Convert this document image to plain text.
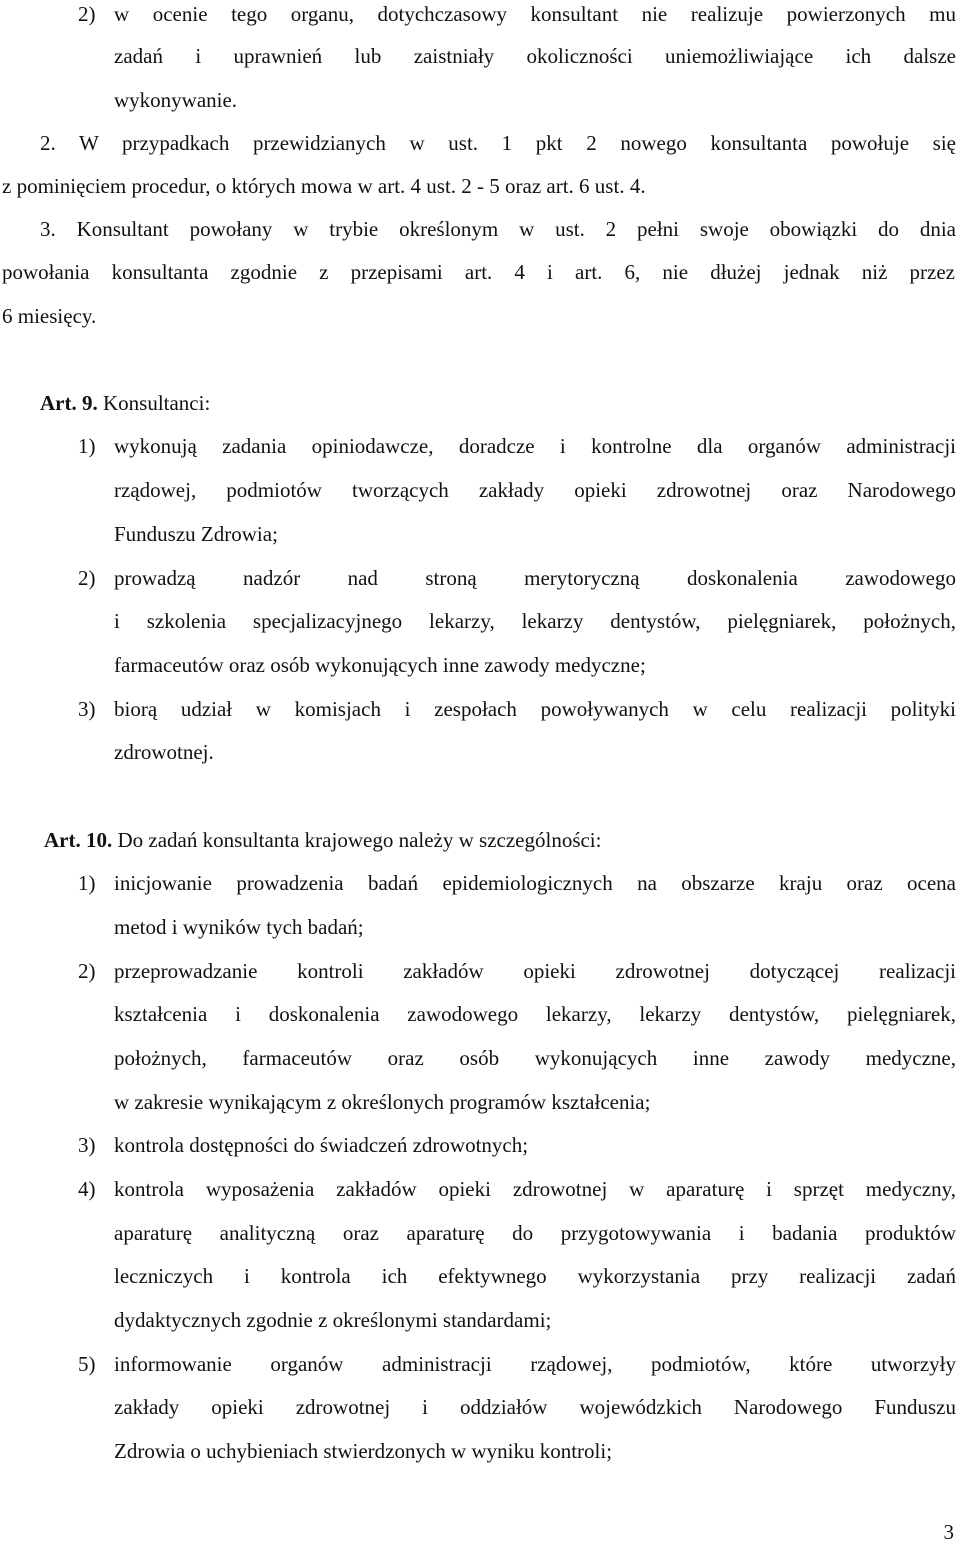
2) w ocenie tego organu, dotychczasowy konsultant nie realizuje powierzonych mu
zadań i uprawnień lub zaistniały okoliczności uniemożliwiające ich dalsze
wykonywanie.
2. W przypadkach przewidzianych w ust. 1 pkt 2 nowego konsultanta powołuje się
z pominięciem procedur, o których mowa w art. 4 ust. 2 - 5 oraz art. 6 ust. 4.
3. Konsultant powołany w trybie określonym w ust. 2 pełni swoje obowiązki do dnia
powołania konsultanta zgodnie z przepisami art. 4 i art. 6, nie dłużej jednak niż przez
6 miesięcy.
Art. 9. Konsultanci:
1) wykonują zadania opiniodawcze, doradcze i kontrolne dla organów administracji
rządowej, podmiotów tworzących zakłady opieki zdrowotnej oraz Narodowego
Funduszu Zdrowia;
2) prowadzą nadzór nad stroną merytoryczną doskonalenia zawodowego
i szkolenia specjalizacyjnego lekarzy, lekarzy dentystów, pielęgniarek, położnych,
farmaceutów oraz osób wykonujących inne zawody medyczne;
3) biorą udział w komisjach i zespołach powoływanych w celu realizacji polityki
zdrowotnej.
Art. 10. Do zadań konsultanta krajowego należy w szczególności:
1) inicjowanie prowadzenia badań epidemiologicznych na obszarze kraju oraz ocena
metod i wyników tych badań;
2) przeprowadzanie kontroli zakładów opieki zdrowotnej dotyczącej realizacji
kształcenia i doskonalenia zawodowego lekarzy, lekarzy dentystów, pielęgniarek,
położnych, farmaceutów oraz osób wykonujących inne zawody medyczne,
w zakresie wynikającym z określonych programów kształcenia;
3) kontrola dostępności do świadczeń zdrowotnych;
4) kontrola wyposażenia zakładów opieki zdrowotnej w aparaturę i sprzęt medyczny,
aparaturę analityczną oraz aparaturę do przygotowywania i badania produktów
leczniczych i kontrola ich efektywnego wykorzystania przy realizacji zadań
dydaktycznych zgodnie z określonymi standardami;
5) informowanie organów administracji rządowej, podmiotów, które utworzyły
zakłady opieki zdrowotnej i oddziałów wojewódzkich Narodowego Funduszu
Zdrowia o uchybieniach stwierdzonych w wyniku kontroli;
3
